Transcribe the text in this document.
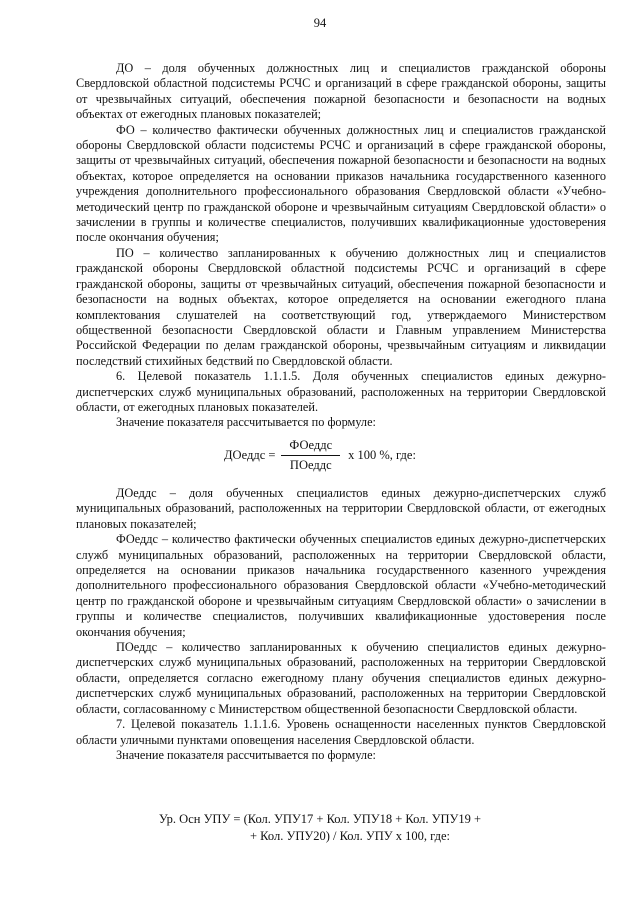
94

ДО – доля обученных должностных лиц и специалистов гражданской обороны Свердловской областной подсистемы РСЧС и организаций в сфере гражданской обороны, защиты от чрезвычайных ситуаций, обеспечения пожарной безопасности и безопасности на водных объектах от ежегодных плановых показателей;

ФО – количество фактически обученных должностных лиц и специалистов гражданской обороны Свердловской области подсистемы РСЧС и организаций в сфере гражданской обороны, защиты от чрезвычайных ситуаций, обеспечения пожарной безопасности и безопасности на водных объектах, которое определяется на основании приказов начальника государственного казенного учреждения дополнительного профессионального образования Свердловской области «Учебно-методический центр по гражданской обороне и чрезвычайным ситуациям Свердловской области» о зачислении в группы и количестве специалистов, получивших квалификационные удостоверения после окончания обучения;

ПО – количество запланированных к обучению должностных лиц и специалистов гражданской обороны Свердловской областной подсистемы РСЧС и организаций в сфере гражданской обороны, защиты от чрезвычайных ситуаций, обеспечения пожарной безопасности и безопасности на водных объектах, которое определяется на основании ежегодного плана комплектования слушателей на соответствующий год, утверждаемого Министерством общественной безопасности Свердловской области и Главным управлением Министерства Российской Федерации по делам гражданской обороны, чрезвычайным ситуациям и ликвидации последствий стихийных бедствий по Свердловской области.

6. Целевой показатель 1.1.1.5. Доля обученных специалистов единых дежурно-диспетчерских служб муниципальных образований, расположенных на территории Свердловской области, от ежегодных плановых показателей.

Значение показателя рассчитывается по формуле:

ДОеддс = $\frac{\text{ФОеддс}}{\text{ПОеддс}}$ x 100 %, где:

ДОеддс – доля обученных специалистов единых дежурно-диспетчерских служб муниципальных образований, расположенных на территории Свердловской области, от ежегодных плановых показателей;

ФОеддс – количество фактически обученных специалистов единых дежурно-диспетчерских служб муниципальных образований, расположенных на территории Свердловской области, определяется на основании приказов начальника государственного казенного учреждения дополнительного профессионального образования Свердловской области «Учебно-методический центр по гражданской обороне и чрезвычайным ситуациям Свердловской области» о зачислении в группы и количестве специалистов, получивших квалификационные удостоверения после окончания обучения;

ПОеддс – количество запланированных к обучению специалистов единых дежурно-диспетчерских служб муниципальных образований, расположенных на территории Свердловской области, определяется согласно ежегодному плану обучения специалистов единых дежурно-диспетчерских служб муниципальных образований, расположенных на территории Свердловской области, согласованному с Министерством общественной безопасности Свердловской области.

7. Целевой показатель 1.1.1.6. Уровень оснащенности населенных пунктов Свердловской области уличными пунктами оповещения населения Свердловской области.

Значение показателя рассчитывается по формуле:

Ур. Осн УПУ = (Кол. УПУ17 + Кол. УПУ18 + Кол. УПУ19 +
+ Кол. УПУ20) / Кол. УПУ x 100, где:
